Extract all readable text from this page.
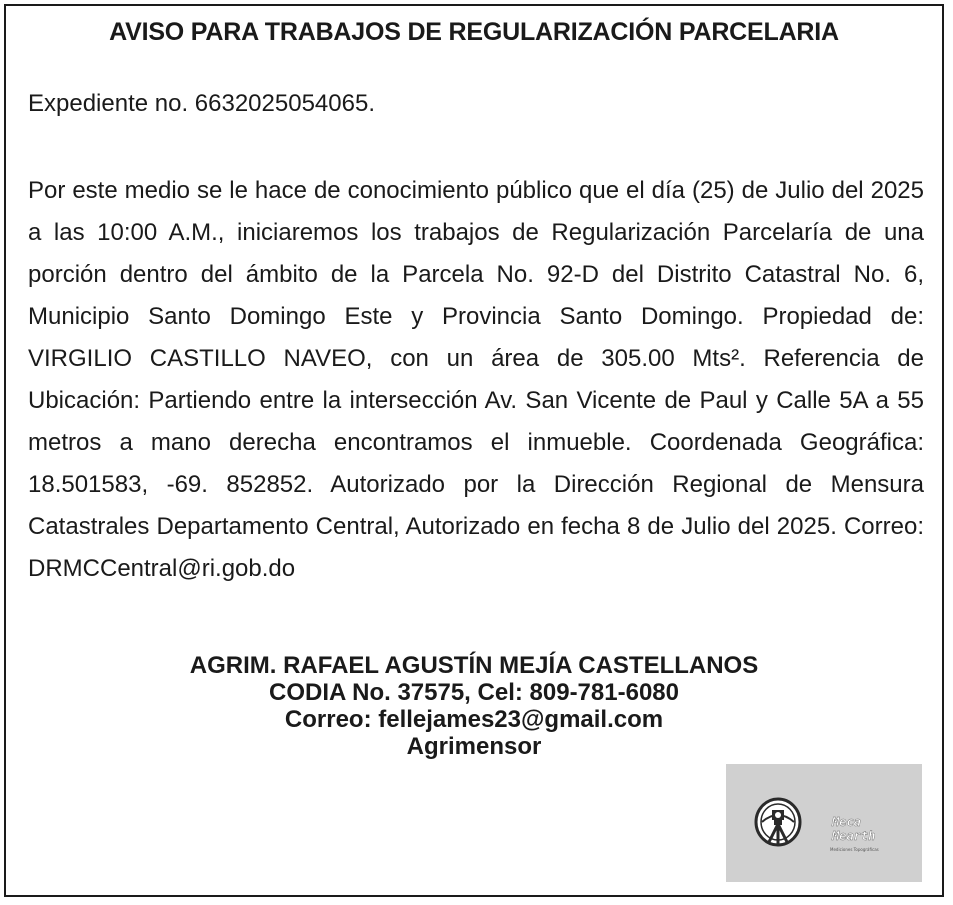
AVISO PARA TRABAJOS DE REGULARIZACIÓN PARCELARIA

Expediente no. 6632025054065.

Por este medio se le hace de conocimiento público que el día (25) de Julio del 2025 a las 10:00 A.M., iniciaremos los trabajos de Regularización Parcelaría de una porción dentro del ámbito de la Parcela No. 92-D del Distrito Catastral No. 6, Municipio Santo Domingo Este y Provincia Santo Domingo. Propiedad de: VIRGILIO CASTILLO NAVEO, con un área de 305.00 Mts². Referencia de Ubicación: Partiendo entre la intersección Av. San Vicente de Paul y Calle 5A a 55 metros a mano derecha encontramos el inmueble. Coordenada Geográfica: 18.501583, -69. 852852. Autorizado por la Dirección Regional de Mensura Catastrales Departamento Central, Autorizado en fecha 8 de Julio del 2025. Correo: DRMCCentral@ri.gob.do

AGRIM. RAFAEL AGUSTÍN MEJÍA CASTELLANOS
CODIA No. 37575, Cel: 809-781-6080
Correo: fellejames23@gmail.com
Agrimensor
Meca
Mearth
Mediciones Topográficas
